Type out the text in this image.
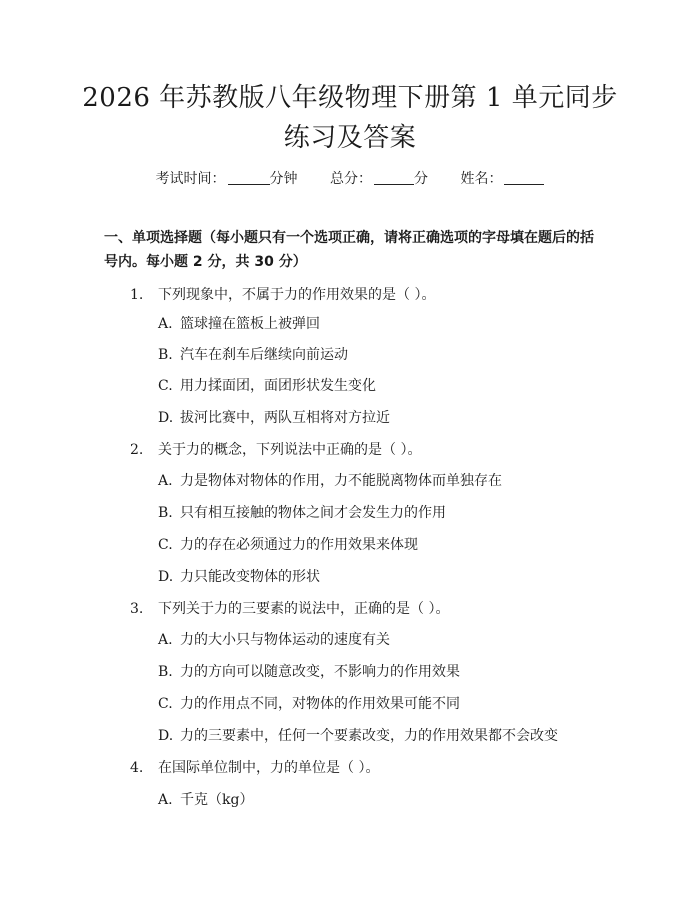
2026 年苏教版八年级物理下册第 1 单元同步
练习及答案
考试时间：	分钟 总分：	分 姓名：
一、单项选择题（每小题只有一个选项正确，请将正确选项的字母填在题后的括号内。每小题 2 分，共 30 分）
1. 下列现象中，不属于力的作用效果的是（ ）。
A. 篮球撞在篮板上被弹回
B. 汽车在刹车后继续向前运动
C. 用力揉面团，面团形状发生变化
D. 拔河比赛中，两队互相将对方拉近
2. 关于力的概念，下列说法中正确的是（ ）。
A. 力是物体对物体的作用，力不能脱离物体而单独存在
B. 只有相互接触的物体之间才会发生力的作用
C. 力的存在必须通过力的作用效果来体现
D. 力只能改变物体的形状
3. 下列关于力的三要素的说法中，正确的是（ ）。
A. 力的大小只与物体运动的速度有关
B. 力的方向可以随意改变，不影响力的作用效果
C. 力的作用点不同，对物体的作用效果可能不同
D. 力的三要素中，任何一个要素改变，力的作用效果都不会改变
4. 在国际单位制中，力的单位是（ ）。
A. 千克（kg）
